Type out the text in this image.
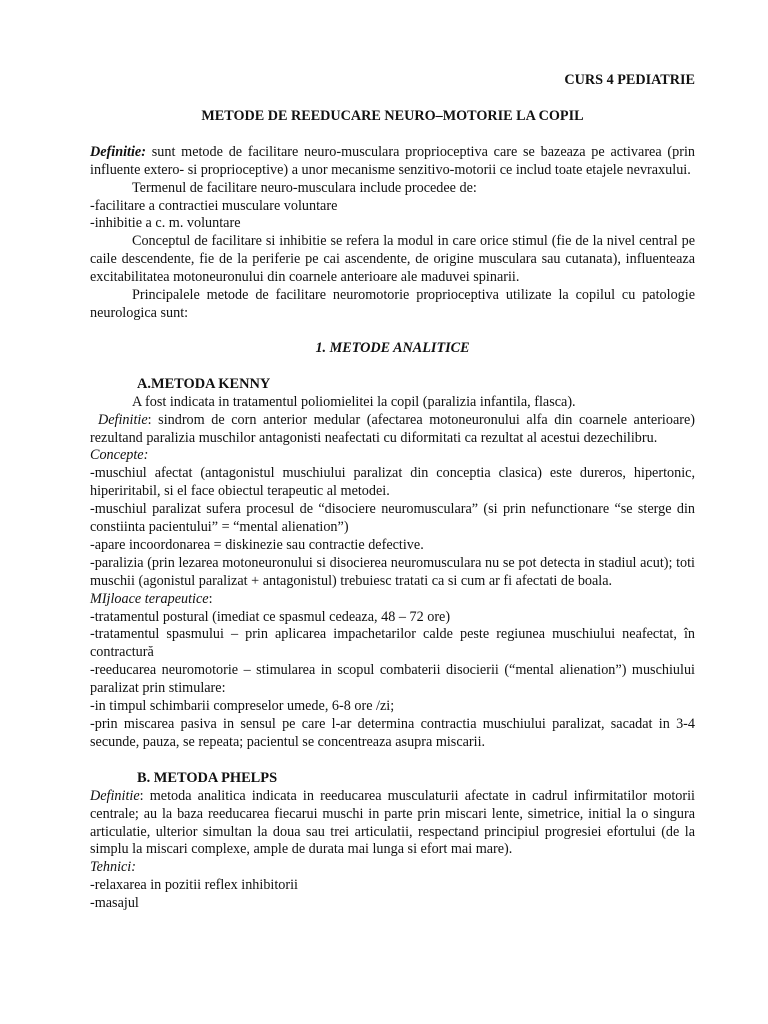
CURS 4 PEDIATRIE

METODE DE REEDUCARE NEURO–MOTORIE LA COPIL

Definitie: sunt metode de facilitare neuro-musculara proprioceptiva care se bazeaza pe activarea (prin influente extero- si proprioceptive) a unor mecanisme senzitivo-motorii ce includ toate etajele nevraxului.

Termenul de facilitare neuro-musculara include procedee de:

-facilitare a contractiei musculare voluntare

-inhibitie a c. m. voluntare

Conceptul de facilitare si inhibitie se refera la modul in care orice stimul (fie de la nivel central pe caile descendente, fie de la periferie pe cai ascendente, de origine musculara sau cutanata), influenteaza excitabilitatea motoneuronului din coarnele anterioare ale maduvei spinarii.

Principalele metode de facilitare neuromotorie proprioceptiva utilizate la copilul cu patologie neurologica sunt:

1. METODE ANALITICE

A.METODA KENNY

A fost indicata in tratamentul poliomielitei la copil (paralizia infantila, flasca).

Definitie: sindrom de corn anterior medular (afectarea motoneuronului alfa din coarnele anterioare) rezultand paralizia muschilor antagonisti neafectati cu diformitati ca rezultat al acestui dezechilibru.

Concepte:

-muschiul afectat (antagonistul muschiului paralizat din conceptia clasica) este dureros, hipertonic, hiperiritabil, si el face obiectul terapeutic al metodei.

-muschiul paralizat sufera procesul de “disociere neuromusculara” (si prin nefunctionare “se sterge din constiinta pacientului” = “mental alienation”)

-apare incoordonarea = diskinezie sau contractie defective.

-paralizia (prin lezarea motoneuronului si disocierea neuromusculara nu se pot detecta in stadiul acut); toti muschii (agonistul paralizat + antagonistul) trebuiesc tratati ca si cum ar fi afectati de boala.

MIjloace terapeutice:

-tratamentul postural (imediat ce spasmul cedeaza, 48 – 72 ore)

-tratamentul spasmului – prin aplicarea impachetarilor calde peste regiunea muschiului neafectat, în contractură

-reeducarea neuromotorie – stimularea in scopul combaterii disocierii (“mental alienation”) muschiului paralizat prin stimulare:

-in timpul schimbarii compreselor umede, 6-8 ore /zi;

-prin miscarea pasiva in sensul pe care l-ar determina contractia muschiului paralizat, sacadat in 3-4 secunde, pauza, se repeata; pacientul se concentreaza asupra miscarii.

B. METODA PHELPS

Definitie: metoda analitica indicata in reeducarea musculaturii afectate in cadrul infirmitatilor motorii centrale; au la baza reeducarea fiecarui muschi in parte prin miscari lente, simetrice, initial la o singura articulatie, ulterior simultan la doua sau trei articulatii, respectand principiul progresiei efortului (de la simplu la miscari complexe, ample de durata mai lunga si efort mai mare).

Tehnici:

-relaxarea in pozitii reflex inhibitorii

-masajul
